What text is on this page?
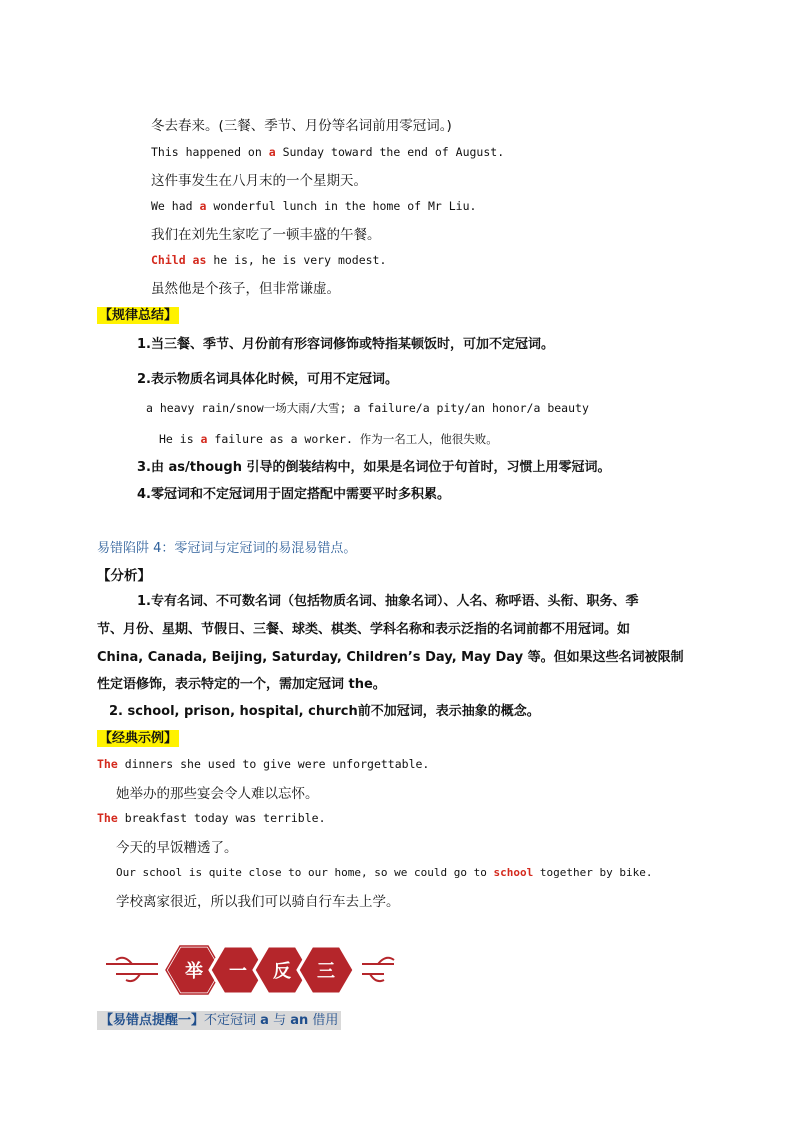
冬去春来。(三餐、季节、月份等名词前用零冠词。)
This happened on a Sunday toward the end of August.
这件事发生在八月末的一个星期天。
We had a wonderful lunch in the home of Mr Liu.
我们在刘先生家吃了一顿丰盛的午餐。
Child as he is, he is very modest.
虽然他是个孩子，但非常谦虚。
【规律总结】
1.当三餐、季节、月份前有形容词修饰或特指某顿饭时，可加不定冠词。
2.表示物质名词具体化时候，可用不定冠词。
a heavy rain/snow一场大雨/大雪; a failure/a pity/an honor/a beauty
He is a failure as a worker. 作为一名工人，他很失败。
3.由 as/though 引导的倒装结构中，如果是名词位于句首时，习惯上用零冠词。
4.零冠词和不定冠词用于固定搭配中需要平时多积累。
易错陷阱 4：零冠词与定冠词的易混易错点。
【分析】
1.专有名词、不可数名词（包括物质名词、抽象名词）、人名、称呼语、头衔、职务、季
节、月份、星期、节假日、三餐、球类、棋类、学科名称和表示泛指的名词前都不用冠词。如
China, Canada, Beijing, Saturday, Children’s Day, May Day 等。但如果这些名词被限制
性定语修饰，表示特定的一个，需加定冠词 the。
2. school, prison, hospital, church前不加冠词，表示抽象的概念。
【经典示例】
The dinners she used to give were unforgettable.
她举办的那些宴会令人难以忘怀。
The breakfast today was terrible.
今天的早饭糟透了。
Our school is quite close to our home, so we could go to school together by bike.
学校离家很近，所以我们可以骑自行车去上学。
举 一 反 三
【易错点提醒一】不定冠词 a 与 an 借用
